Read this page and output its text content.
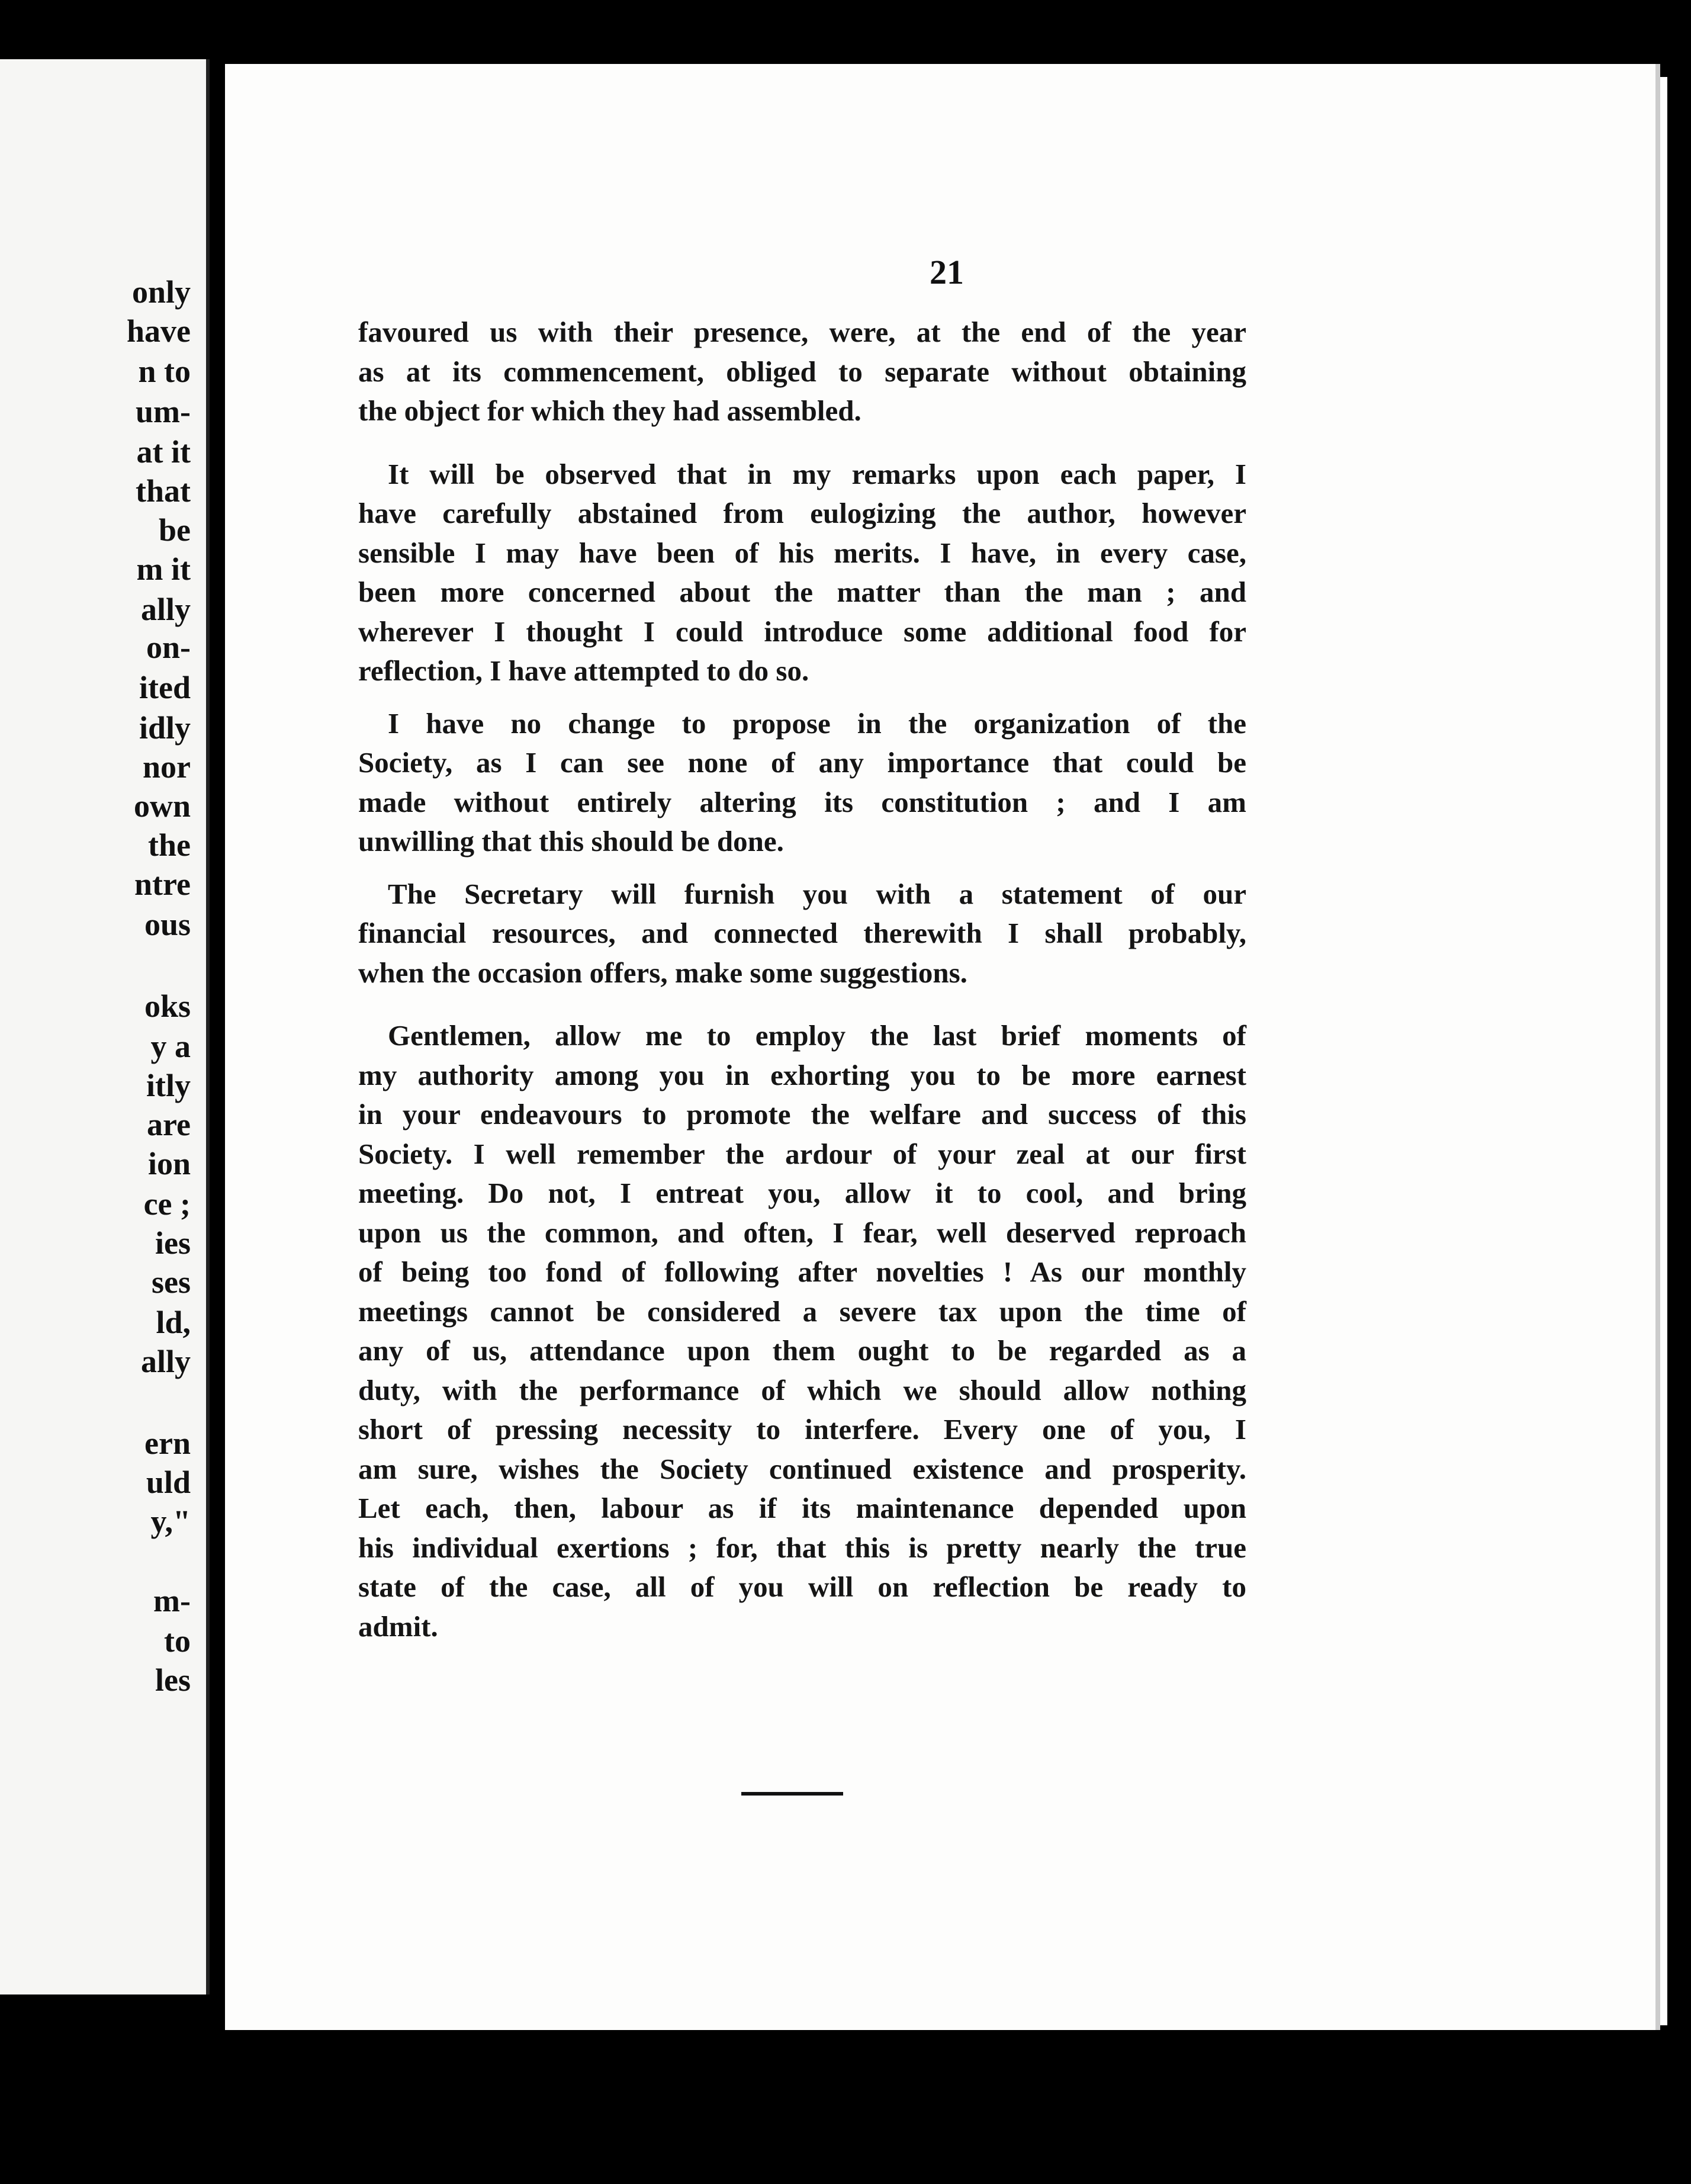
only
have
n to
um-
at it
that
be
m it
ally
on-
ited
idly
nor
own
the
ntre
ous
oks
y a
itly
are
ion
ce ;
ies
ses
ld,
ally
ern
uld
y,"
m-
to
les
21
favoured us with their presence, were, at the end of the year
as at its commencement, obliged to separate without obtaining
the object for which they had assembled.
It will be observed that in my remarks upon each paper, I
have carefully abstained from eulogizing the author, however
sensible I may have been of his merits. I have, in every case,
been more concerned about the matter than the man ; and
wherever I thought I could introduce some additional food for
reflection, I have attempted to do so.
I have no change to propose in the organization of the
Society, as I can see none of any importance that could be
made without entirely altering its constitution ; and I am
unwilling that this should be done.
The Secretary will furnish you with a statement of our
financial resources, and connected therewith I shall probably,
when the occasion offers, make some suggestions.
Gentlemen, allow me to employ the last brief moments of
my authority among you in exhorting you to be more earnest
in your endeavours to promote the welfare and success of this
Society. I well remember the ardour of your zeal at our first
meeting. Do not, I entreat you, allow it to cool, and bring
upon us the common, and often, I fear, well deserved reproach
of being too fond of following after novelties ! As our monthly
meetings cannot be considered a severe tax upon the time of
any of us, attendance upon them ought to be regarded as a
duty, with the performance of which we should allow nothing
short of pressing necessity to interfere. Every one of you, I
am sure, wishes the Society continued existence and prosperity.
Let each, then, labour as if its maintenance depended upon
his individual exertions ; for, that this is pretty nearly the true
state of the case, all of you will on reflection be ready to
admit.
